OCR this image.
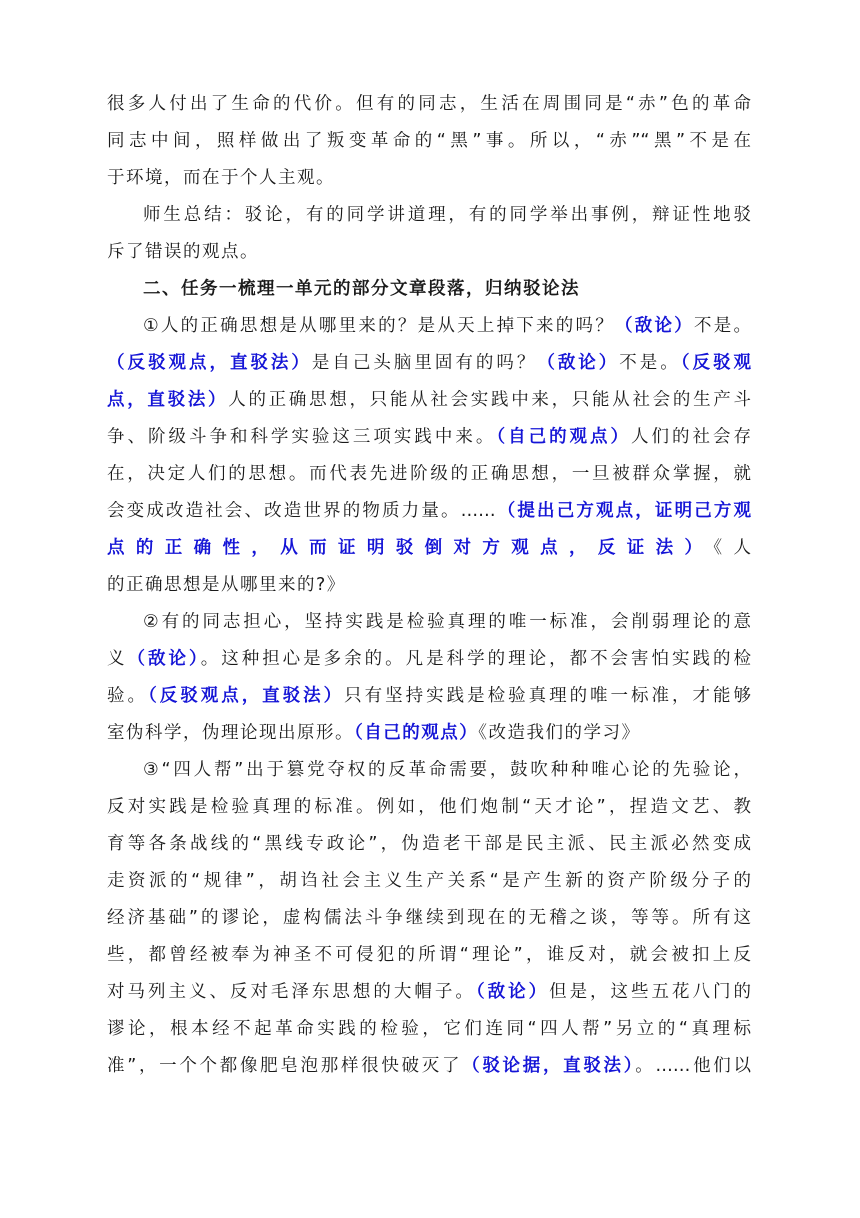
很多人付出了生命的代价。但有的同志，生活在周围同是“赤”色的革命
同志中间，照样做出了叛变革命的“黑”事。所以，“赤”“黑”不是在
于环境，而在于个人主观。
师生总结：驳论，有的同学讲道理，有的同学举出事例，辩证性地驳
斥了错误的观点。
二、任务一梳理一单元的部分文章段落，归纳驳论法
①人的正确思想是从哪里来的？是从天上掉下来的吗？（敌论）不是。
（反驳观点，直驳法）是自己头脑里固有的吗？（敌论）不是。（反驳观
点，直驳法）人的正确思想，只能从社会实践中来，只能从社会的生产斗
争、阶级斗争和科学实验这三项实践中来。（自己的观点）人们的社会存
在，决定人们的思想。而代表先进阶级的正确思想，一旦被群众掌握，就
会变成改造社会、改造世界的物质力量。……（提出己方观点，证明己方观
点的正确性，从而证明驳倒对方观点，反证法）《人
的正确思想是从哪里来的?》
②有的同志担心，坚持实践是检验真理的唯一标准，会削弱理论的意
义（敌论）。这种担心是多余的。凡是科学的理论，都不会害怕实践的检
验。（反驳观点，直驳法）只有坚持实践是检验真理的唯一标准，才能够
室伪科学，伪理论现出原形。（自己的观点）《改造我们的学习》
③“四人帮”出于篡党夺权的反革命需要，鼓吹种种唯心论的先验论，
反对实践是检验真理的标准。例如，他们炮制“天才论”，捏造文艺、教
育等各条战线的“黑线专政论”，伪造老干部是民主派、民主派必然变成
走资派的“规律”，胡诌社会主义生产关系“是产生新的资产阶级分子的
经济基础”的谬论，虚构儒法斗争继续到现在的无稽之谈，等等。所有这
些，都曾经被奉为神圣不可侵犯的所谓“理论”，谁反对，就会被扣上反
对马列主义、反对毛泽东思想的大帽子。（敌论）但是，这些五花八门的
谬论，根本经不起革命实践的检验，它们连同“四人帮”另立的“真理标
准”，一个个都像肥皂泡那样很快破灭了（驳论据，直驳法）。……他们以
